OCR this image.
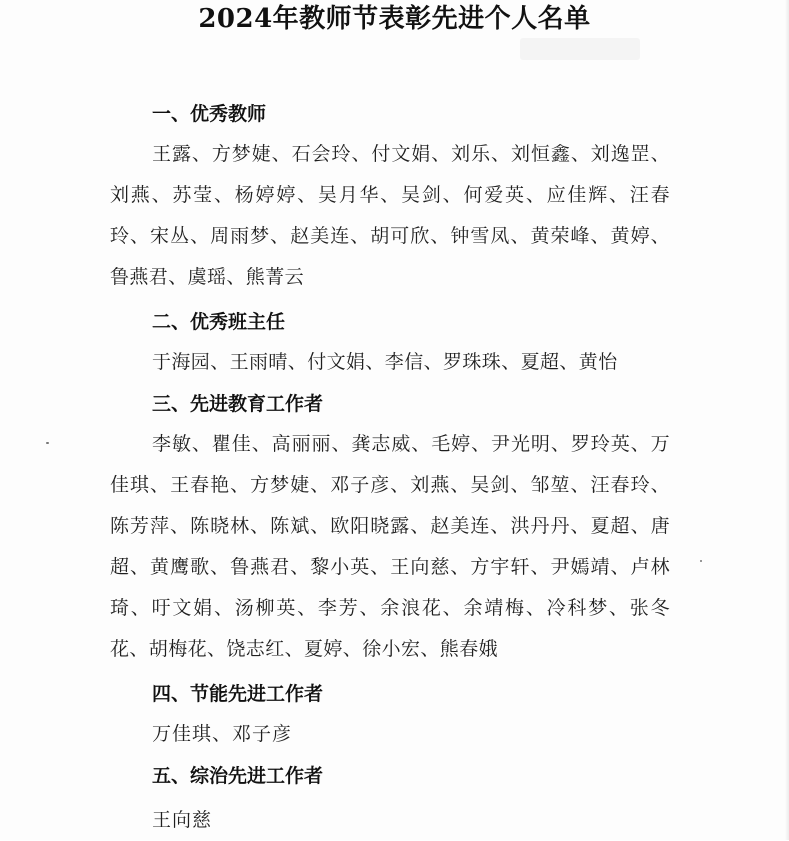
2024年教师节表彰先进个人名单
一、优秀教师
王露、方梦婕、石会玲、付文娟、刘乐、刘恒鑫、刘逸罡、刘燕、苏莹、杨婷婷、吴月华、吴剑、何爱英、应佳辉、汪春玲、宋丛、周雨梦、赵美连、胡可欣、钟雪凤、黄荣峰、黄婷、鲁燕君、虞瑶、熊菁云
二、优秀班主任
于海园、王雨晴、付文娟、李信、罗珠珠、夏超、黄怡
三、先进教育工作者
李敏、瞿佳、高丽丽、龚志威、毛婷、尹光明、罗玲英、万佳琪、王春艳、方梦婕、邓子彦、刘燕、吴剑、邹堃、汪春玲、陈芳萍、陈晓林、陈斌、欧阳晓露、赵美连、洪丹丹、夏超、唐超、黄鹰歌、鲁燕君、黎小英、王向慈、方宇轩、尹嫣靖、卢林琦、吁文娟、汤柳英、李芳、余浪花、余靖梅、冷科梦、张冬花、胡梅花、饶志红、夏婷、徐小宏、熊春娥
四、节能先进工作者
万佳琪、邓子彦
五、综治先进工作者
王向慈
